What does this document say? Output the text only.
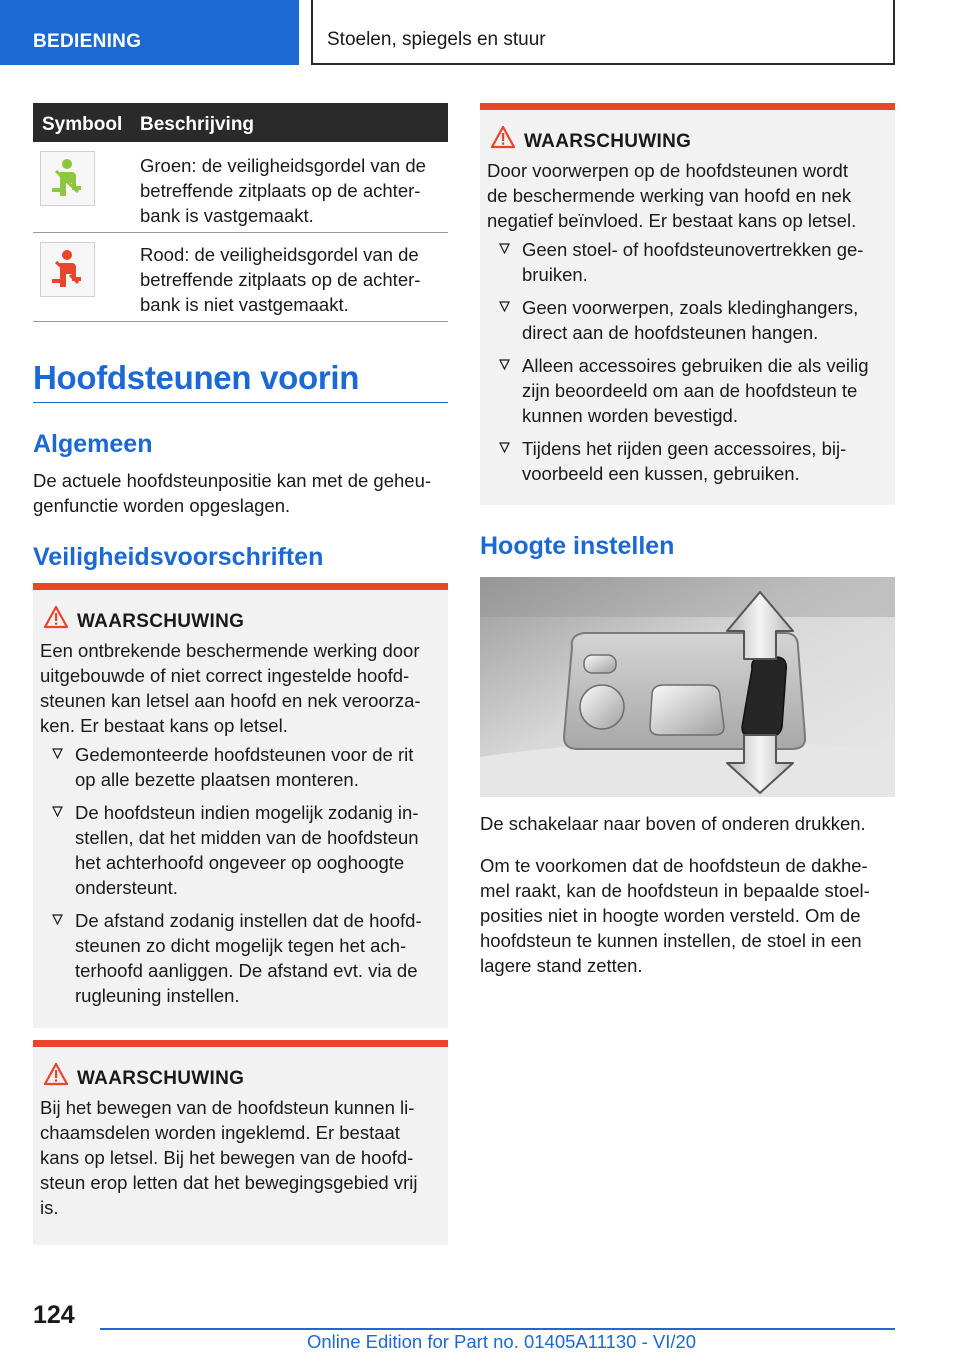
BEDIENING	Stoelen, spiegels en stuur
Symbool Beschrijving
Groen: de veiligheidsgordel van de
betreffende zitplaats op de achter-
bank is vastgemaakt.
Rood: de veiligheidsgordel van de
betreffende zitplaats op de achter-
bank is niet vastgemaakt.
Hoofdsteunen voorin
Algemeen
De actuele hoofdsteunpositie kan met de geheu-
genfunctie worden opgeslagen.
Veiligheidsvoorschriften
WAARSCHUWING
Een ontbrekende beschermende werking door
uitgebouwde of niet correct ingestelde hoofd-
steunen kan letsel aan hoofd en nek veroorza-
ken. Er bestaat kans op letsel.
Gedemonteerde hoofdsteunen voor de rit
op alle bezette plaatsen monteren.
De hoofdsteun indien mogelijk zodanig in-
stellen, dat het midden van de hoofdsteun
het achterhoofd ongeveer op ooghoogte
ondersteunt.
De afstand zodanig instellen dat de hoofd-
steunen zo dicht mogelijk tegen het ach-
terhoofd aanliggen. De afstand evt. via de
rugleuning instellen.
WAARSCHUWING
Bij het bewegen van de hoofdsteun kunnen li-
chaamsdelen worden ingeklemd. Er bestaat
kans op letsel. Bij het bewegen van de hoofd-
steun erop letten dat het bewegingsgebied vrij
is.
WAARSCHUWING
Door voorwerpen op de hoofdsteunen wordt
de beschermende werking van hoofd en nek
negatief beïnvloed. Er bestaat kans op letsel.
Geen stoel- of hoofdsteunovertrekken ge-
bruiken.
Geen voorwerpen, zoals kledinghangers,
direct aan de hoofdsteunen hangen.
Alleen accessoires gebruiken die als veilig
zijn beoordeeld om aan de hoofdsteun te
kunnen worden bevestigd.
Tijdens het rijden geen accessoires, bij-
voorbeeld een kussen, gebruiken.
Hoogte instellen
De schakelaar naar boven of onderen drukken.
Om te voorkomen dat de hoofdsteun de dakhe-
mel raakt, kan de hoofdsteun in bepaalde stoel-
posities niet in hoogte worden versteld. Om de
hoofdsteun te kunnen instellen, de stoel in een
lagere stand zetten.
124
Online Edition for Part no. 01405A11130 - VI/20
